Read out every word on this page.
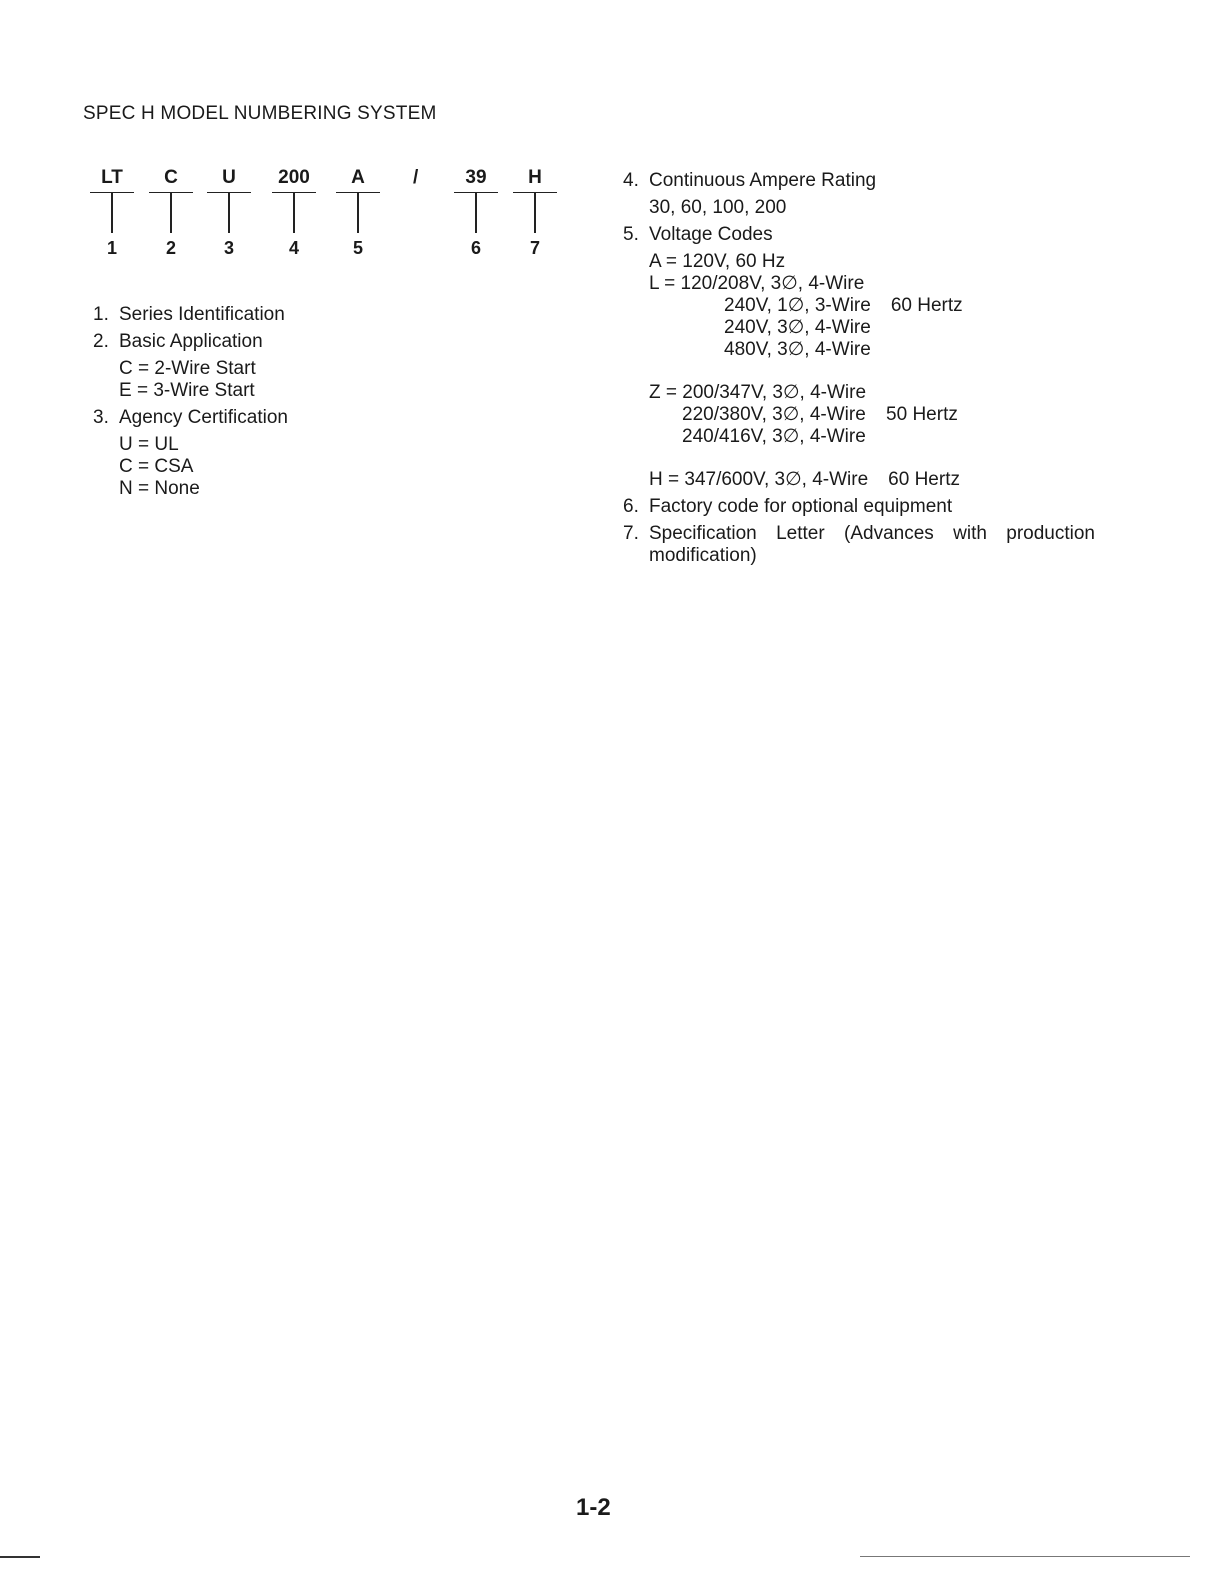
SPEC H MODEL NUMBERING SYSTEM
LT
1
C
2
U
3
200
4
A
5
/	39
6
H
7
1. Series Identification
2. Basic Application
C = 2-Wire Start
E = 3-Wire Start
3. Agency Certification
U = UL
C = CSA
N = None
4. Continuous Ampere Rating
30, 60, 100, 200
5. Voltage Codes
A = 120V, 60 Hz
L = 120/208V, 3∅, 4-Wire
240V, 1∅, 3-Wire
240V, 3∅, 4-Wire
480V, 3∅, 4-Wire
60 Hertz
Z = 200/347V, 3∅, 4-Wire
220/380V, 3∅, 4-Wire
240/416V, 3∅, 4-Wire
50 Hertz
H = 347/600V, 3∅, 4-Wire	60 Hertz
6. Factory code for optional equipment
7. Specification Letter (Advances with production modification)
1-2
